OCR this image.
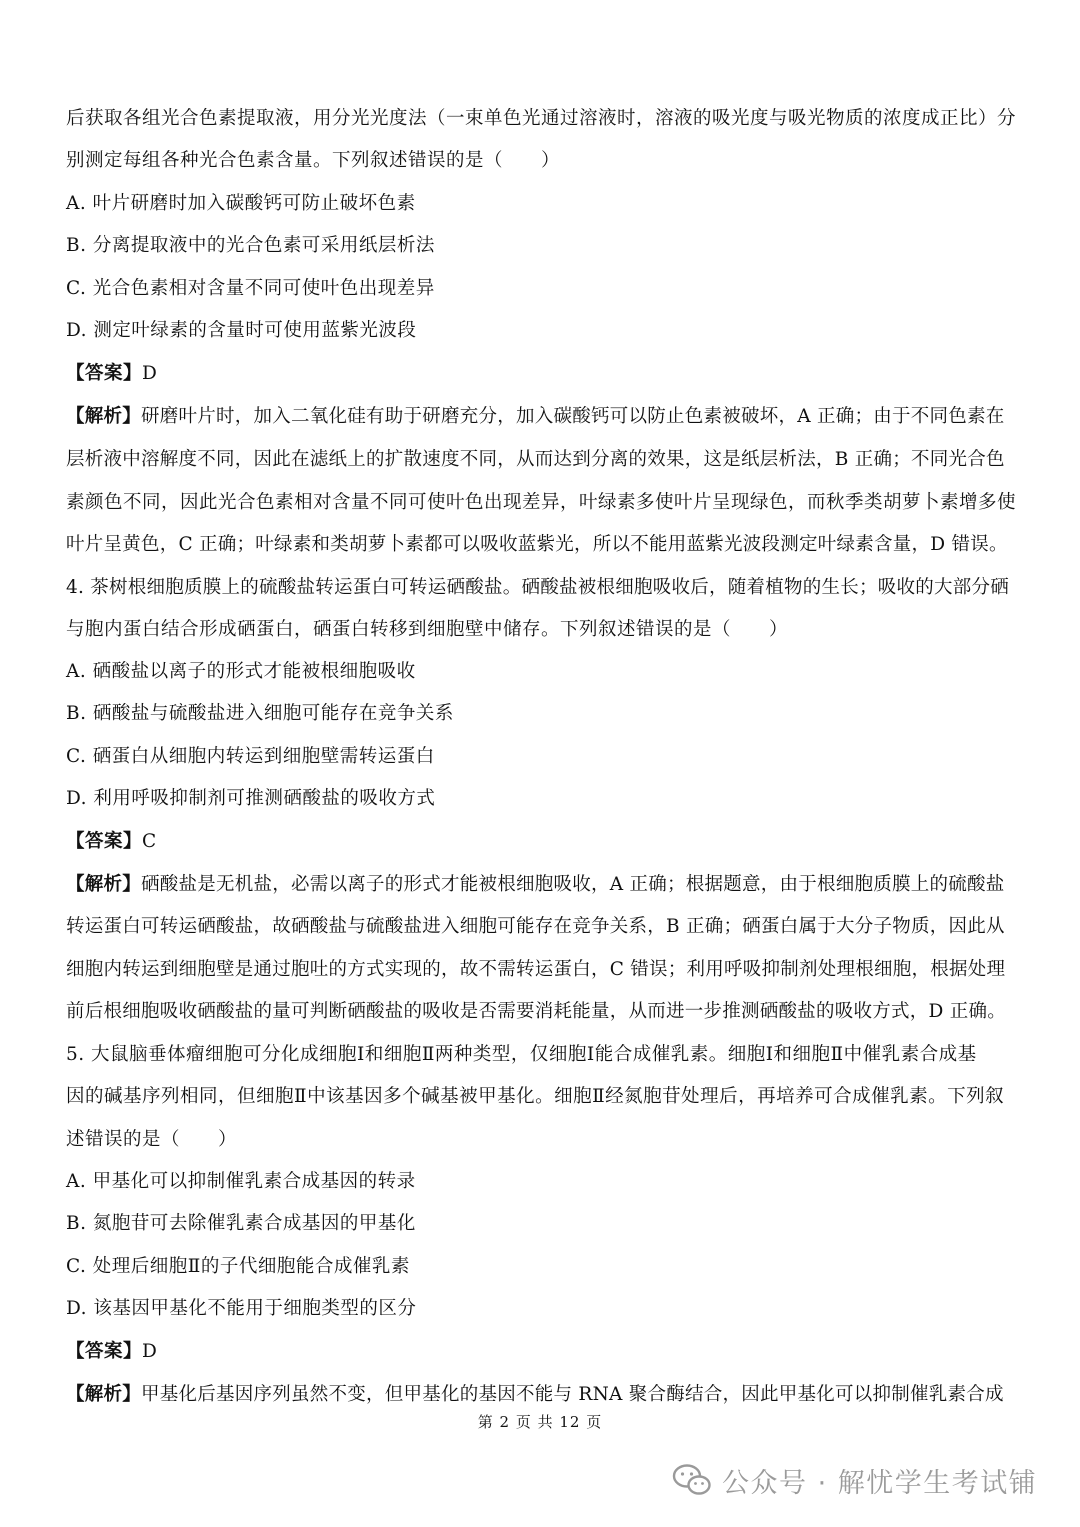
后获取各组光合色素提取液，用分光光度法（一束单色光通过溶液时，溶液的吸光度与吸光物质的浓度成正比）分
别测定每组各种光合色素含量。下列叙述错误的是（　　）
A. 叶片研磨时加入碳酸钙可防止破坏色素
B. 分离提取液中的光合色素可采用纸层析法
C. 光合色素相对含量不同可使叶色出现差异
D. 测定叶绿素的含量时可使用蓝紫光波段
【答案】D
【解析】研磨叶片时，加入二氧化硅有助于研磨充分，加入碳酸钙可以防止色素被破坏，A 正确；由于不同色素在
层析液中溶解度不同，因此在滤纸上的扩散速度不同，从而达到分离的效果，这是纸层析法，B 正确；不同光合色
素颜色不同，因此光合色素相对含量不同可使叶色出现差异，叶绿素多使叶片呈现绿色，而秋季类胡萝卜素增多使
叶片呈黄色，C 正确；叶绿素和类胡萝卜素都可以吸收蓝紫光，所以不能用蓝紫光波段测定叶绿素含量，D 错误。
4. 茶树根细胞质膜上的硫酸盐转运蛋白可转运硒酸盐。硒酸盐被根细胞吸收后，随着植物的生长；吸收的大部分硒
与胞内蛋白结合形成硒蛋白，硒蛋白转移到细胞壁中储存。下列叙述错误的是（　　）
A. 硒酸盐以离子的形式才能被根细胞吸收
B. 硒酸盐与硫酸盐进入细胞可能存在竞争关系
C. 硒蛋白从细胞内转运到细胞壁需转运蛋白
D. 利用呼吸抑制剂可推测硒酸盐的吸收方式
【答案】C
【解析】硒酸盐是无机盐，必需以离子的形式才能被根细胞吸收，A 正确；根据题意，由于根细胞质膜上的硫酸盐
转运蛋白可转运硒酸盐，故硒酸盐与硫酸盐进入细胞可能存在竞争关系，B 正确；硒蛋白属于大分子物质，因此从
细胞内转运到细胞壁是通过胞吐的方式实现的，故不需转运蛋白，C 错误；利用呼吸抑制剂处理根细胞，根据处理
前后根细胞吸收硒酸盐的量可判断硒酸盐的吸收是否需要消耗能量，从而进一步推测硒酸盐的吸收方式，D 正确。
5. 大鼠脑垂体瘤细胞可分化成细胞Ⅰ和细胞Ⅱ两种类型，仅细胞Ⅰ能合成催乳素。细胞Ⅰ和细胞Ⅱ中催乳素合成基
因的碱基序列相同，但细胞Ⅱ中该基因多个碱基被甲基化。细胞Ⅱ经氮胞苷处理后，再培养可合成催乳素。下列叙
述错误的是（　　）
A. 甲基化可以抑制催乳素合成基因的转录
B. 氮胞苷可去除催乳素合成基因的甲基化
C. 处理后细胞Ⅱ的子代细胞能合成催乳素
D. 该基因甲基化不能用于细胞类型的区分
【答案】D
【解析】甲基化后基因序列虽然不变，但甲基化的基因不能与 RNA 聚合酶结合，因此甲基化可以抑制催乳素合成
第 2 页 共 12 页
公众号 · 解忧学生考试铺
